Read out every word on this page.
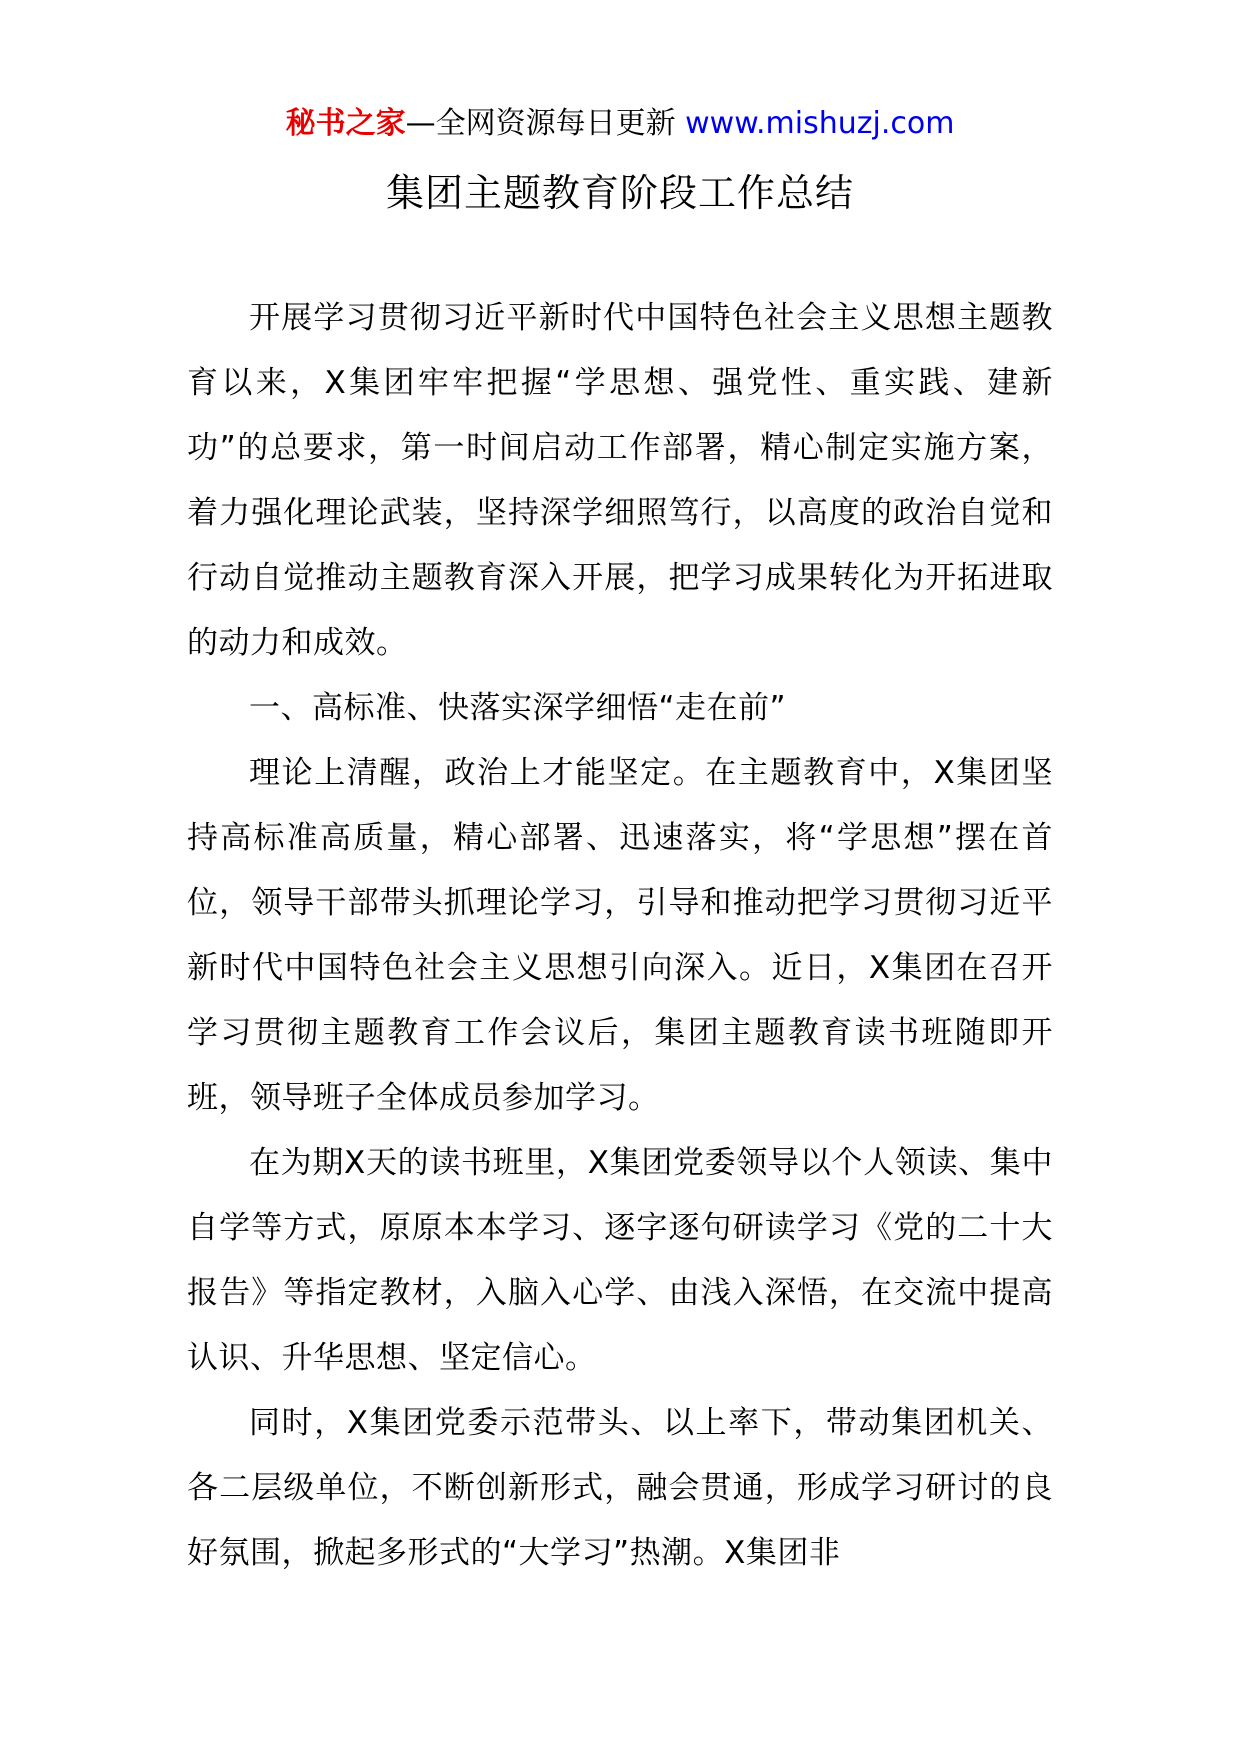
秘书之家—全网资源每日更新 www.mishuzj.com
集团主题教育阶段工作总结

开展学习贯彻习近平新时代中国特色社会主义思想主题教育以来，X集团牢牢把握“学思想、强党性、重实践、建新功”的总要求，第一时间启动工作部署，精心制定实施方案，着力强化理论武装，坚持深学细照笃行，以高度的政治自觉和行动自觉推动主题教育深入开展，把学习成果转化为开拓进取的动力和成效。

一、高标准、快落实深学细悟“走在前”

理论上清醒，政治上才能坚定。在主题教育中，X集团坚持高标准高质量，精心部署、迅速落实，将“学思想”摆在首位，领导干部带头抓理论学习，引导和推动把学习贯彻习近平新时代中国特色社会主义思想引向深入。近日，X集团在召开学习贯彻主题教育工作会议后，集团主题教育读书班随即开班，领导班子全体成员参加学习。

在为期X天的读书班里，X集团党委领导以个人领读、集中自学等方式，原原本本学习、逐字逐句研读学习《党的二十大报告》等指定教材，入脑入心学、由浅入深悟，在交流中提高认识、升华思想、坚定信心。

同时，X集团党委示范带头、以上率下，带动集团机关、各二层级单位，不断创新形式，融会贯通，形成学习研讨的良好氛围，掀起多形式的“大学习”热潮。X集团非
